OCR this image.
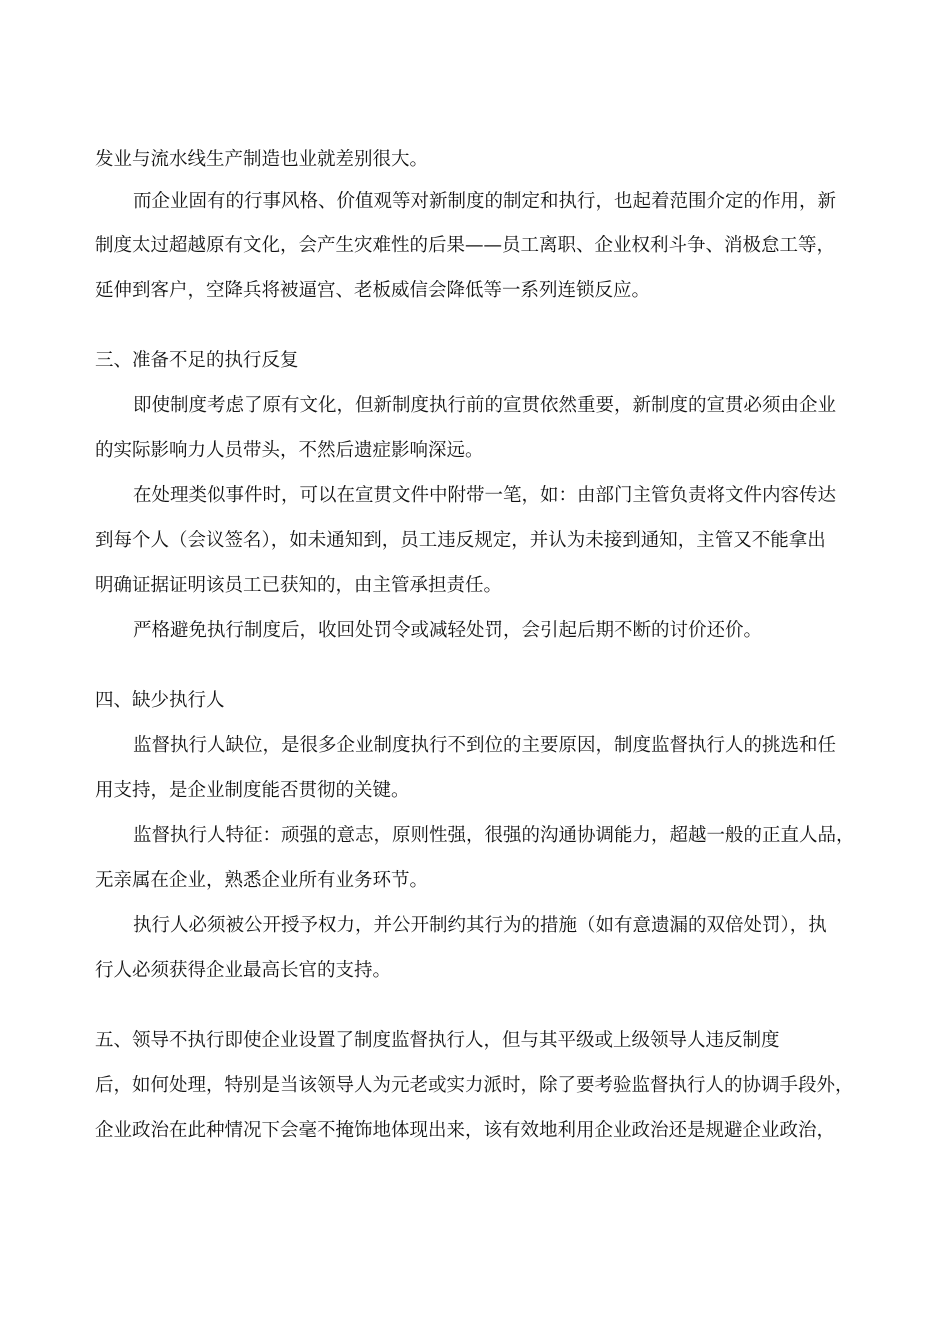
发业与流水线生产制造也业就差别很大。
而企业固有的行事风格、价值观等对新制度的制定和执行，也起着范围介定的作用，新
制度太过超越原有文化，会产生灾难性的后果——员工离职、企业权利斗争、消极怠工等，
延伸到客户，空降兵将被逼宫、老板威信会降低等一系列连锁反应。
三、准备不足的执行反复
即使制度考虑了原有文化，但新制度执行前的宣贯依然重要，新制度的宣贯必须由企业
的实际影响力人员带头，不然后遗症影响深远。
在处理类似事件时，可以在宣贯文件中附带一笔，如：由部门主管负责将文件内容传达
到每个人（会议签名），如未通知到，员工违反规定，并认为未接到通知，主管又不能拿出
明确证据证明该员工已获知的，由主管承担责任。
严格避免执行制度后，收回处罚令或减轻处罚，会引起后期不断的讨价还价。
四、缺少执行人
监督执行人缺位，是很多企业制度执行不到位的主要原因，制度监督执行人的挑选和任
用支持，是企业制度能否贯彻的关键。
监督执行人特征：顽强的意志，原则性强，很强的沟通协调能力，超越一般的正直人品，
无亲属在企业，熟悉企业所有业务环节。
执行人必须被公开授予权力，并公开制约其行为的措施（如有意遗漏的双倍处罚），执
行人必须获得企业最高长官的支持。
五、领导不执行即使企业设置了制度监督执行人，但与其平级或上级领导人违反制度
后，如何处理，特别是当该领导人为元老或实力派时，除了要考验监督执行人的协调手段外，
企业政治在此种情况下会毫不掩饰地体现出来，该有效地利用企业政治还是规避企业政治，
